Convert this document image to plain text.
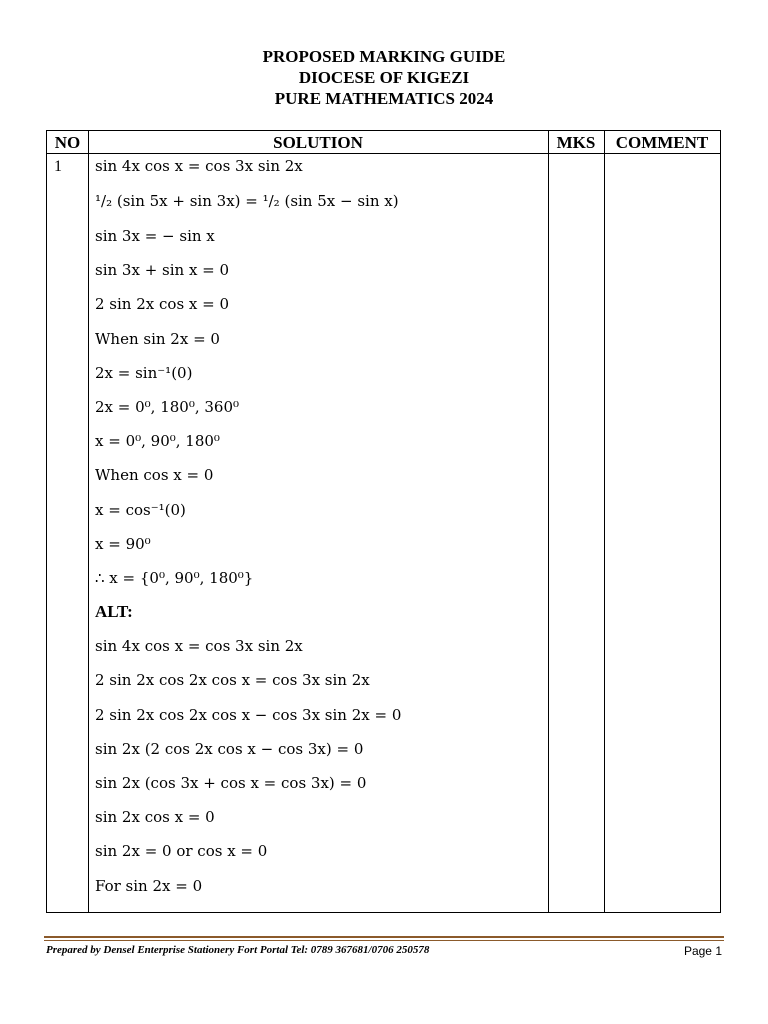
PROPOSED MARKING GUIDE
DIOCESE OF KIGEZI
PURE MATHEMATICS 2024
NO	SOLUTION	MKS	COMMENT
1 sin 4x cos x = cos 3x sin 2x
¹/₂ (sin 5x + sin 3x) = ¹/₂ (sin 5x − sin x)
sin 3x = − sin x
sin 3x + sin x = 0
2 sin 2x cos x = 0
When sin 2x = 0
2x = sin⁻¹(0)
2x = 0⁰, 180⁰, 360⁰
x = 0⁰, 90⁰, 180⁰
When cos x = 0
x = cos⁻¹(0)
x = 90⁰
∴ x = {0⁰, 90⁰, 180⁰}
ALT:
sin 4x cos x = cos 3x sin 2x
2 sin 2x cos 2x cos x = cos 3x sin 2x
2 sin 2x cos 2x cos x − cos 3x sin 2x = 0
sin 2x (2 cos 2x cos x − cos 3x) = 0
sin 2x (cos 3x + cos x = cos 3x) = 0
sin 2x cos x = 0
sin 2x = 0 or cos x = 0
For sin 2x = 0
Prepared by Densel Enterprise Stationery Fort Portal Tel: 0789 367681/0706 250578	Page 1
